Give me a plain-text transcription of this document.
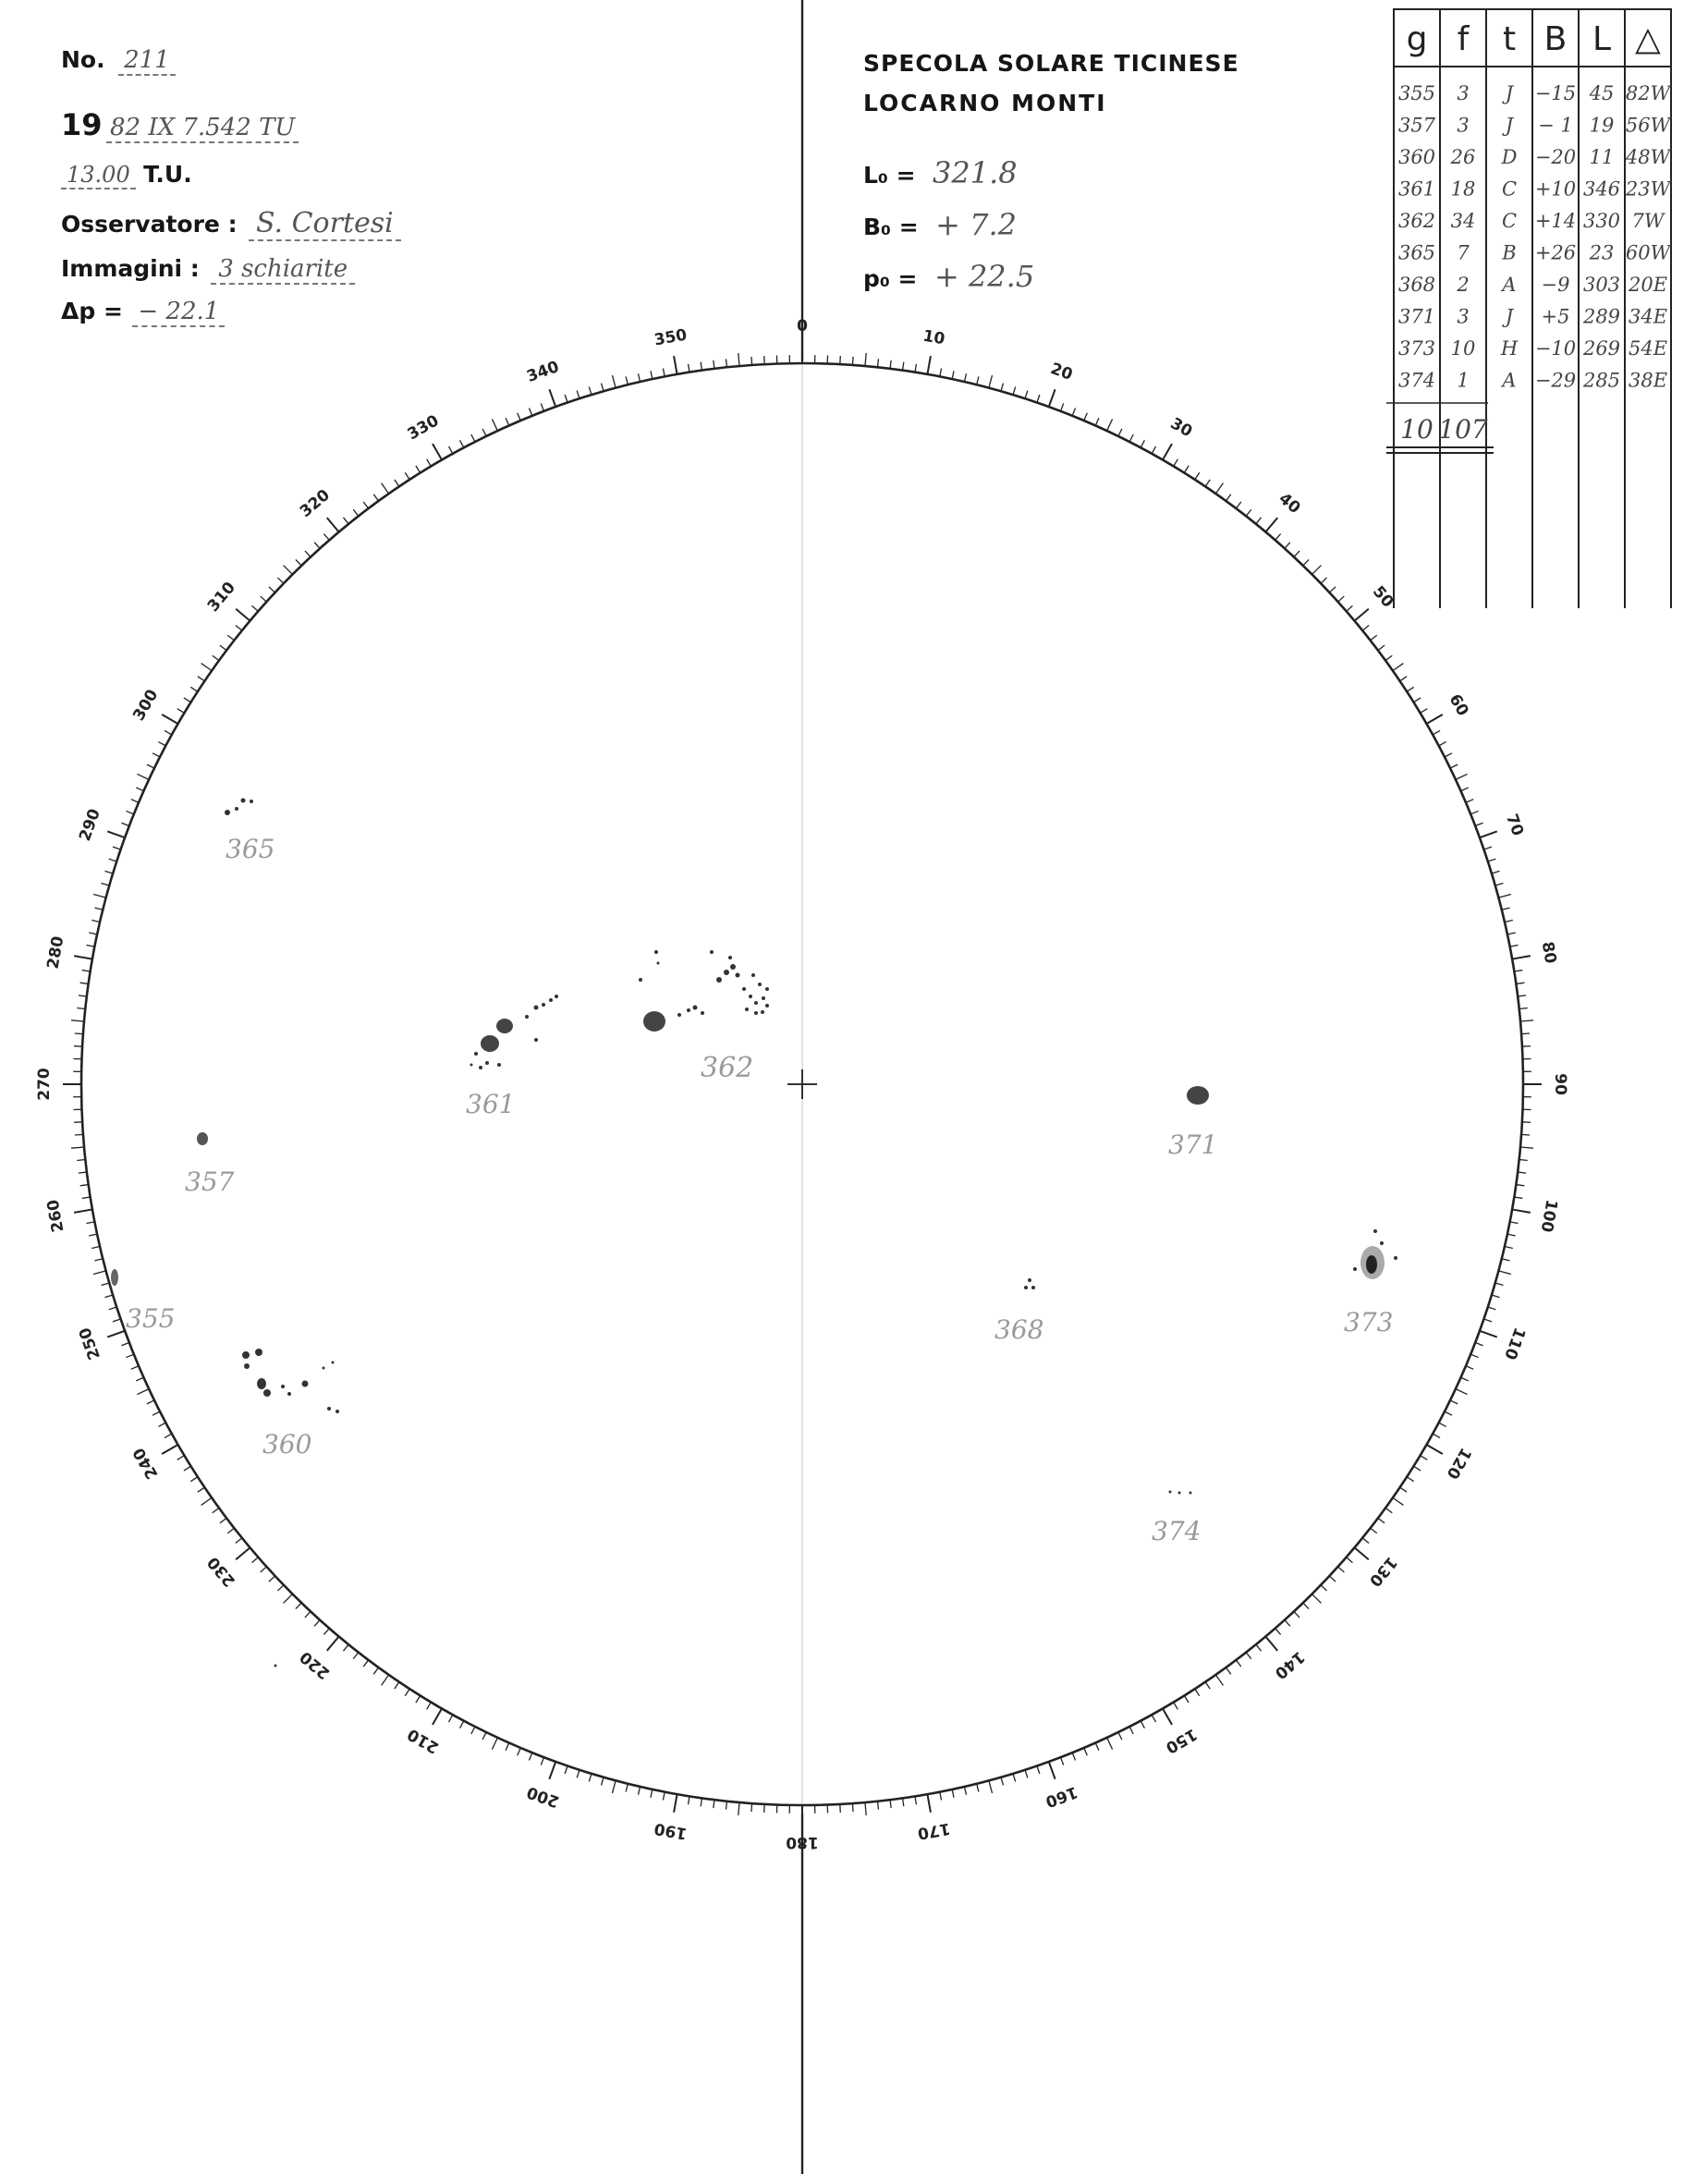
0
10
20
30
40
50
60
70
80
90
100
110
120
130
140
150
160
170
180
190
200
210
220
230
240
250
260
270
280
290
300
310
320
330
340
350
No. 211
19 82 IX 7.542 TU
13.00 T.U.
Osservatore : S. Cortesi
Immagini : 3 schiarite
Δp = − 22.1
SPECOLA SOLARE TICINESE
LOCARNO MONTI
L₀ = 321.8
B₀ = + 7.2
p₀ = + 22.5
g f t B L △
355 3 J −15 45 82W
357 3 J − 1 19 56W
360 26 D −20 11 48W
361 18 C +10 346 23W
362 34 C +14 330 7W
365 7 B +26 23 60W
368 2 A −9 303 20E
371 3 J +5 289 34E
373 10 H −10 269 54E
374 1 A −29 285 38E
10 107
365
361
362
357
371
355	368	373
360
374
